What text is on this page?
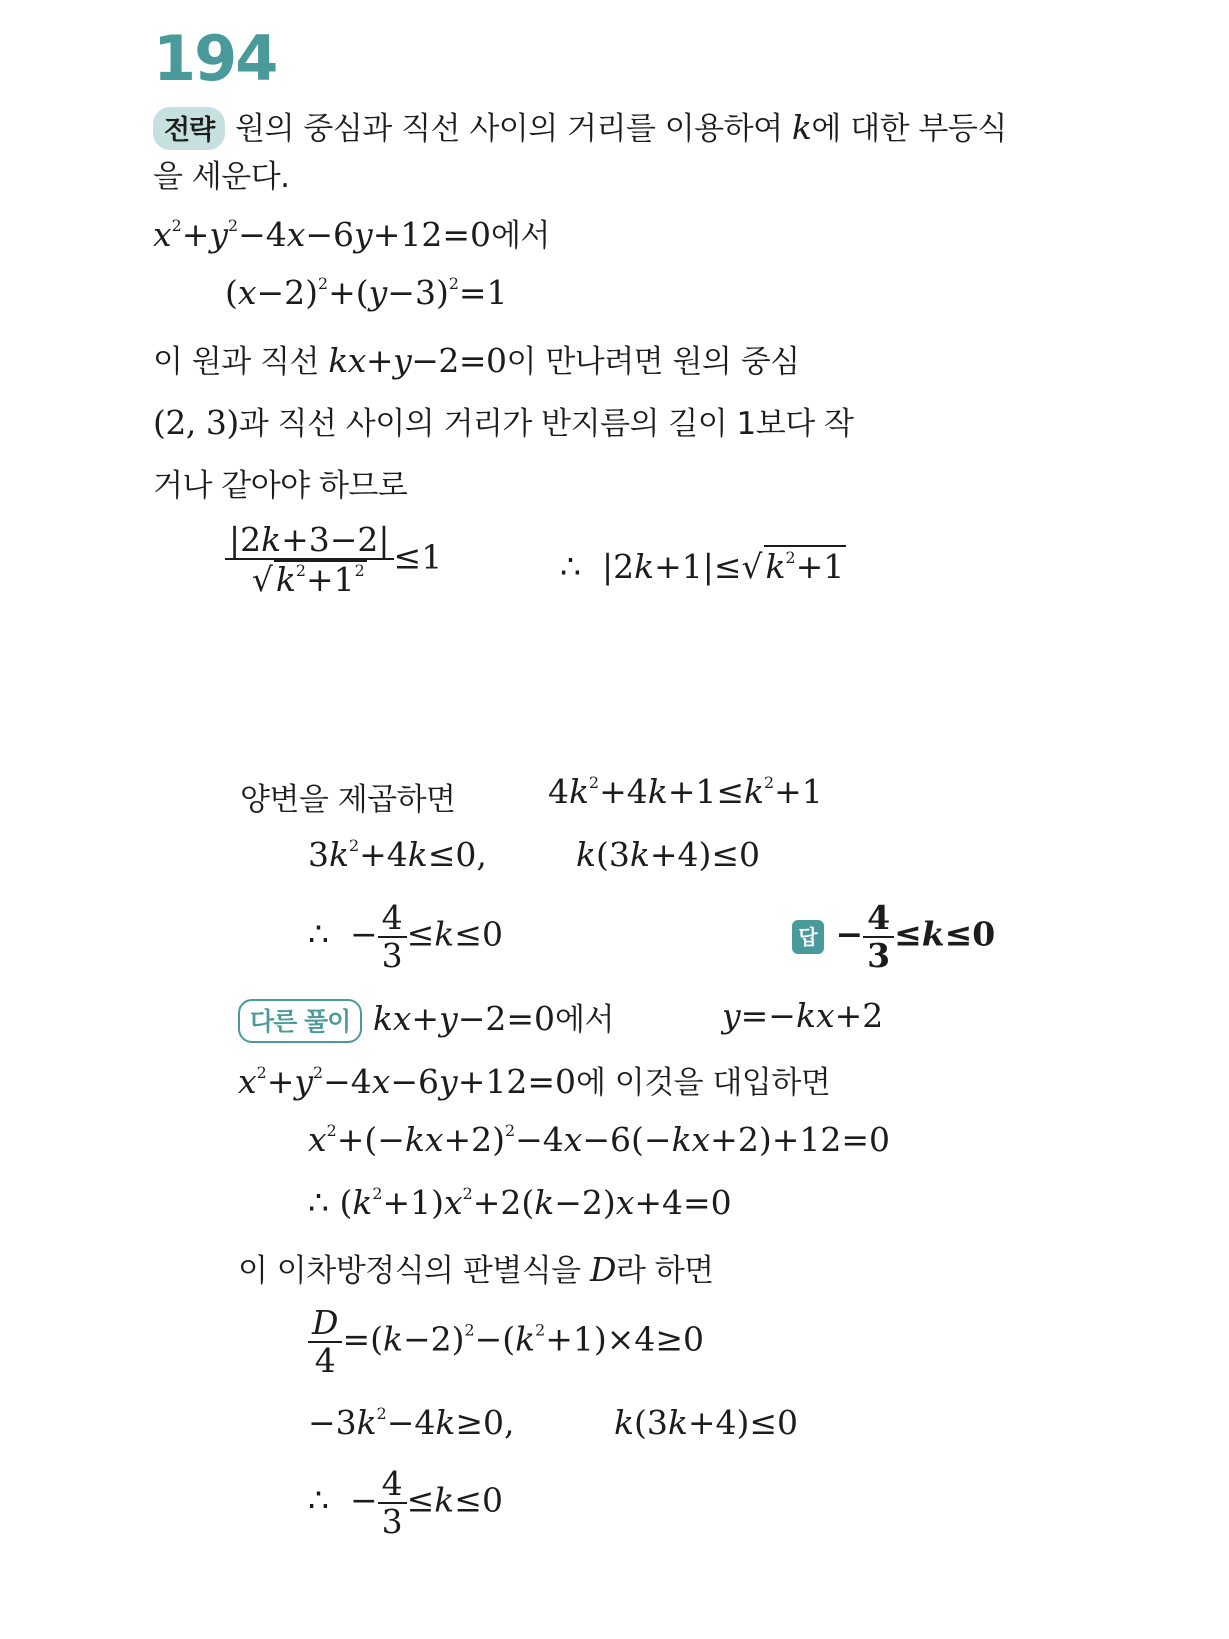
194
전략 원의 중심과 직선 사이의 거리를 이용하여 k에 대한 부등식
을 세운다.
$x^2+y^2-4x-6y+12=0$에서
$(x-2)^2+(y-3)^2=1$
이 원과 직선 kx+y−2=0이 만나려면 원의 중심
(2, 3)과 직선 사이의 거리가 반지름의 길이 1보다 작
거나 같아야 하므로
$\frac{|2k+3-2|}{√k^2+1^2} \le 1$	∴  $|2k+1|\le√k^2+1$
양변을 제곱하면	$4k^2+4k+1\le k^2+1$
$3k^2+4k\le 0$,	k(3k+4)≤0
∴  − $\frac{4}{3} \le k\le 0$	답 − $\frac{4}{3} \le k\le 0$
다른 풀이 kx+y−2=0에서	y=−kx+2
$x^2+y^2-4x-6y+12=0$에 이것을 대입하면
$x^2+(-kx+2)^2-4x-6(-kx+2)+12=0$
∴ $(k^2+1)x^2+2(k-2)x+4=0$
이 이차방정식의 판별식을 D라 하면
$\frac{D}{4} =(k-2)^2-(k^2+1)\times 4\ge 0$
$-3k^2-4k\ge 0$,	k(3k+4)≤0
∴  − $\frac{4}{3} \le k\le 0$
